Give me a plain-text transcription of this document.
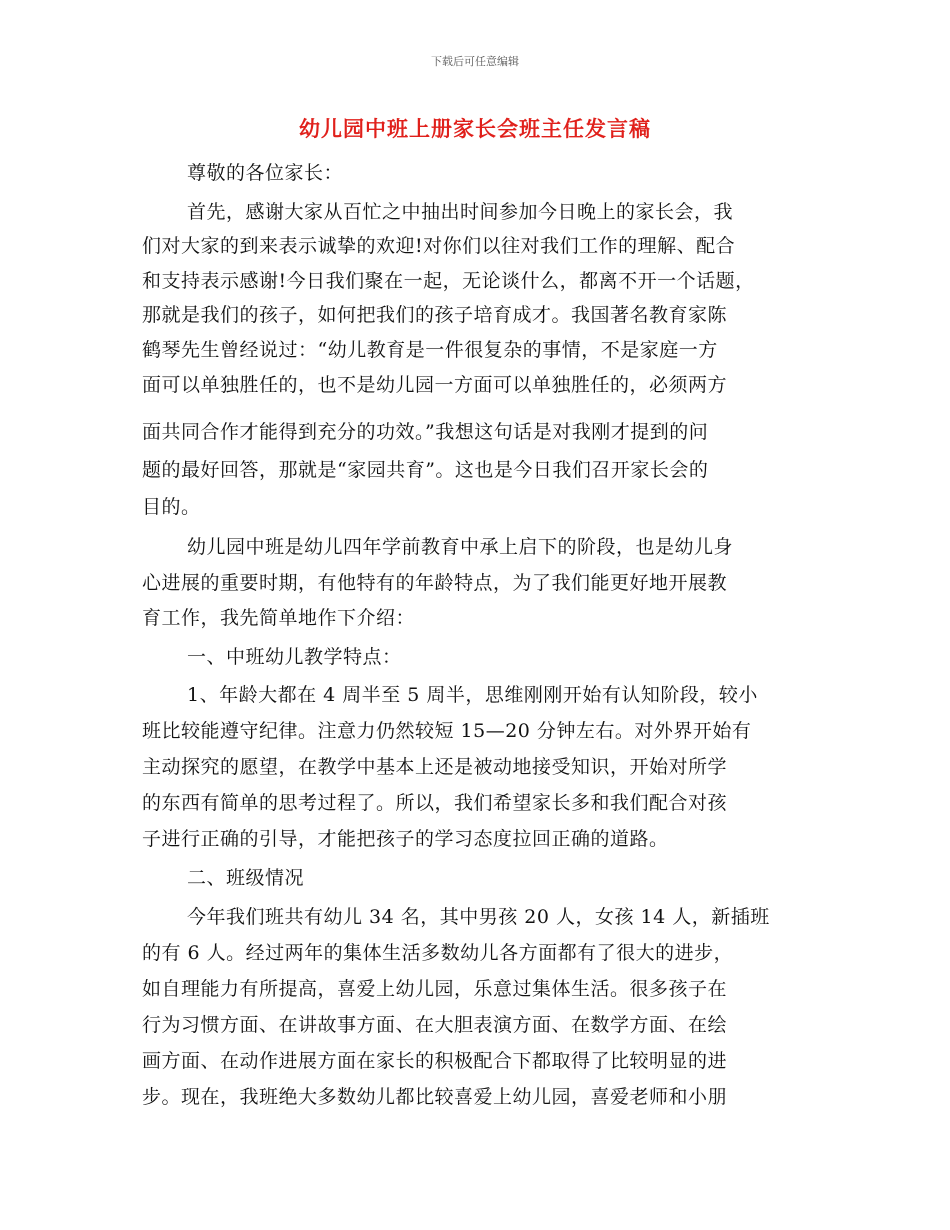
下载后可任意编辑
幼儿园中班上册家长会班主任发言稿
尊敬的各位家长：
首先，感谢大家从百忙之中抽出时间参加今日晚上的家长会，我
们对大家的到来表示诚挚的欢迎!对你们以往对我们工作的理解、配合
和支持表示感谢!今日我们聚在一起，无论谈什么，都离不开一个话题，
那就是我们的孩子，如何把我们的孩子培育成才。我国著名教育家陈
鹤琴先生曾经说过：“幼儿教育是一件很复杂的事情，不是家庭一方
面可以单独胜任的，也不是幼儿园一方面可以单独胜任的，必须两方
面共同合作才能得到充分的功效。”我想这句话是对我刚才提到的问
题的最好回答，那就是“家园共育”。这也是今日我们召开家长会的
目的。
幼儿园中班是幼儿四年学前教育中承上启下的阶段，也是幼儿身
心进展的重要时期，有他特有的年龄特点，为了我们能更好地开展教
育工作，我先简单地作下介绍：
一、中班幼儿教学特点：
1、年龄大都在 4 周半至 5 周半，思维刚刚开始有认知阶段，较小
班比较能遵守纪律。注意力仍然较短 15—20 分钟左右。对外界开始有
主动探究的愿望，在教学中基本上还是被动地接受知识，开始对所学
的东西有简单的思考过程了。所以，我们希望家长多和我们配合对孩
子进行正确的引导，才能把孩子的学习态度拉回正确的道路。
二、班级情况
今年我们班共有幼儿 34 名，其中男孩 20 人，女孩 14 人，新插班
的有 6 人。经过两年的集体生活多数幼儿各方面都有了很大的进步，
如自理能力有所提高，喜爱上幼儿园，乐意过集体生活。很多孩子在
行为习惯方面、在讲故事方面、在大胆表演方面、在数学方面、在绘
画方面、在动作进展方面在家长的积极配合下都取得了比较明显的进
步。现在，我班绝大多数幼儿都比较喜爱上幼儿园，喜爱老师和小朋
